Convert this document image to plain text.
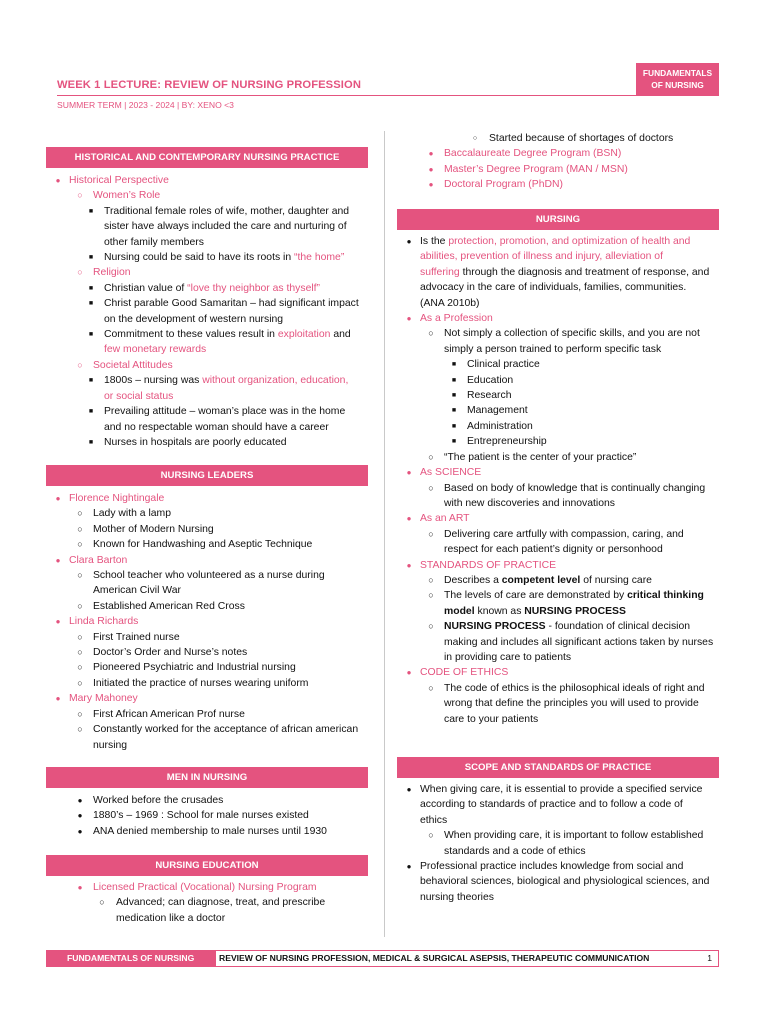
WEEK 1 LECTURE: REVIEW OF NURSING PROFESSION
SUMMER TERM | 2023 - 2024 | BY: XENO <3
FUNDAMENTALS
OF NURSING
HISTORICAL AND CONTEMPORARY NURSING PRACTICE
● Historical Perspective
○ Women’s Role
■	Traditional female roles of wife, mother, daughter and
sister have always included the care and nurturing of
other family members
■	Nursing could be said to have its roots in “the home”
○ Religion
■	Christian value of “love thy neighbor as thyself”
■	Christ parable Good Samaritan – had significant impact
on the development of western nursing
■	Commitment to these values result in exploitation and
few monetary rewards
○ Societal Attitudes
■	1800s – nursing was without organization, education,
or social status
■	Prevailing attitude – woman’s place was in the home
and no respectable woman should have a career
■	Nurses in hospitals are poorly educated
NURSING LEADERS
● Florence Nightingale
○ Lady with a lamp
○ Mother of Modern Nursing
○ Known for Handwashing and Aseptic Technique
● Clara Barton
○ School teacher who volunteered as a nurse during
American Civil War
○ Established American Red Cross
● Linda Richards
○ First Trained nurse
○ Doctor’s Order and Nurse’s notes
○ Pioneered Psychiatric and Industrial nursing
○ Initiated the practice of nurses wearing uniform
● Mary Mahoney
○ First African American Prof nurse
○ Constantly worked for the acceptance of african american
nursing
MEN IN NURSING
●	Worked before the crusades
●	1880’s – 1969 : School for male nurses existed
●	ANA denied membership to male nurses until 1930
NURSING EDUCATION
●	Licensed Practical (Vocational) Nursing Program
○	Advanced; can diagnose, treat, and prescribe
medication like a doctor
○	Started because of shortages of doctors
●	Baccalaureate Degree Program (BSN)
●	Master’s Degree Program (MAN / MSN)
●	Doctoral Program (PhDN)
NURSING
● Is the protection, promotion, and optimization of health and
abilities, prevention of illness and injury, alleviation of
suffering through the diagnosis and treatment of response, and
advocacy in the care of individuals, families, communities.
(ANA 2010b)
● As a Profession
○ Not simply a collection of specific skills, and you are not
simply a person trained to perform specific task
■	Clinical practice
■	Education
■	Research
■	Management
■	Administration
■	Entrepreneurship
○ “The patient is the center of your practice”
● As SCIENCE
○ Based on body of knowledge that is continually changing
with new discoveries and innovations
● As an ART
○ Delivering care artfully with compassion, caring, and
respect for each patient’s dignity or personhood
● STANDARDS OF PRACTICE
○ Describes a competent level of nursing care
○ The levels of care are demonstrated by critical thinking
model known as NURSING PROCESS
○ NURSING PROCESS - foundation of clinical decision
making and includes all significant actions taken by nurses
in providing care to patients
● CODE OF ETHICS
○ The code of ethics is the philosophical ideals of right and
wrong that define the principles you will used to provide
care to your patients
SCOPE AND STANDARDS OF PRACTICE
● When giving care, it is essential to provide a specified service
according to standards of practice and to follow a code of
ethics
○ When providing care, it is important to follow established
standards and a code of ethics
● Professional practice includes knowledge from social and
behavioral sciences, biological and physiological sciences, and
nursing theories
FUNDAMENTALS OF NURSING	REVIEW OF NURSING PROFESSION, MEDICAL & SURGICAL ASEPSIS, THERAPEUTIC COMMUNICATION	1
